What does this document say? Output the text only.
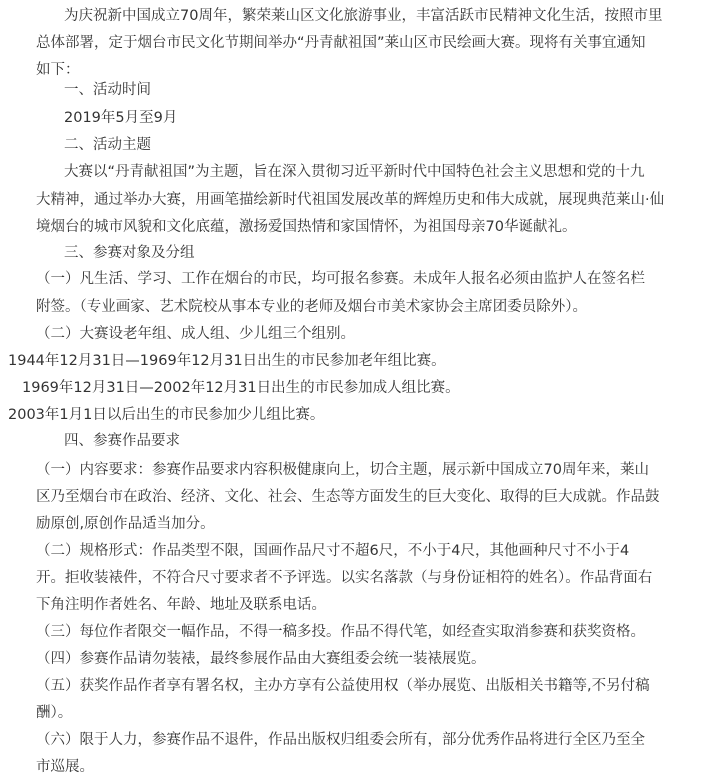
为庆祝新中国成立70周年，繁荣莱山区文化旅游事业，丰富活跃市民精神文化生活，按照市里
总体部署，定于烟台市民文化节期间举办“丹青献祖国”莱山区市民绘画大赛。现将有关事宜通知
如下：
一、活动时间
2019年5月至9月
二、活动主题
大赛以“丹青献祖国”为主题，旨在深入贯彻习近平新时代中国特色社会主义思想和党的十九
大精神，通过举办大赛，用画笔描绘新时代祖国发展改革的辉煌历史和伟大成就，展现典范莱山·仙
境烟台的城市风貌和文化底蕴，激扬爱国热情和家国情怀，为祖国母亲70华诞献礼。
三、参赛对象及分组
（一）凡生活、学习、工作在烟台的市民，均可报名参赛。未成年人报名必须由监护人在签名栏
附签。（专业画家、艺术院校从事本专业的老师及烟台市美术家协会主席团委员除外）。
（二）大赛设老年组、成人组、少儿组三个组别。
1944年12月31日—1969年12月31日出生的市民参加老年组比赛。
1969年12月31日—2002年12月31日出生的市民参加成人组比赛。
2003年1月1日以后出生的市民参加少儿组比赛。
四、参赛作品要求
（一）内容要求：参赛作品要求内容积极健康向上，切合主题，展示新中国成立70周年来，莱山
区乃至烟台市在政治、经济、文化、社会、生态等方面发生的巨大变化、取得的巨大成就。作品鼓
励原创,原创作品适当加分。
（二）规格形式：作品类型不限，国画作品尺寸不超6尺，不小于4尺，其他画种尺寸不小于4
开。拒收装裱件，不符合尺寸要求者不予评选。以实名落款（与身份证相符的姓名）。作品背面右
下角注明作者姓名、年龄、地址及联系电话。
（三）每位作者限交一幅作品，不得一稿多投。作品不得代笔，如经查实取消参赛和获奖资格。
（四）参赛作品请勿装裱，最终参展作品由大赛组委会统一装裱展览。
（五）获奖作品作者享有署名权，主办方享有公益使用权（举办展览、出版相关书籍等,不另付稿
酬）。
（六）限于人力，参赛作品不退件，作品出版权归组委会所有，部分优秀作品将进行全区乃至全
市巡展。
